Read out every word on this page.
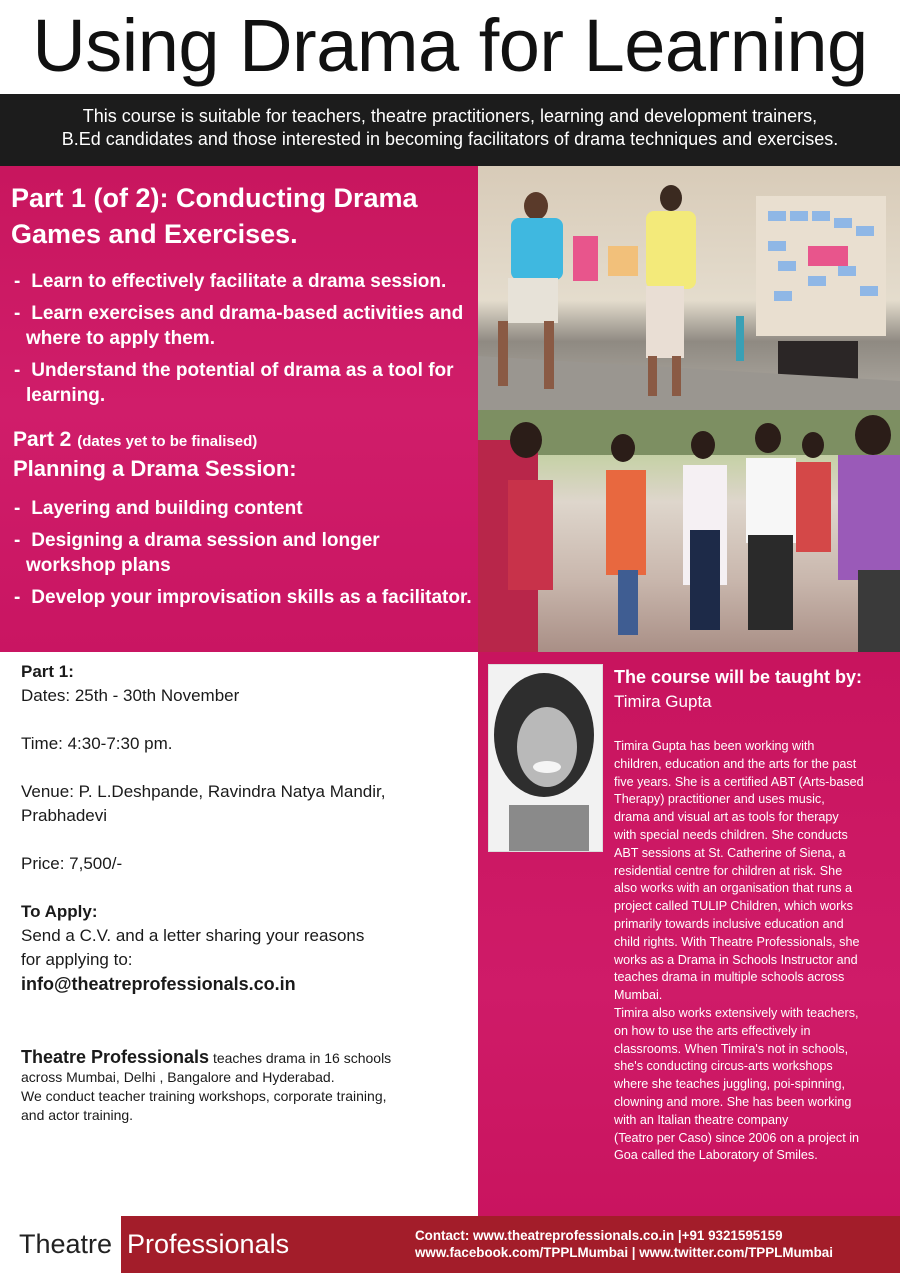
Using Drama for Learning
This course is suitable for teachers, theatre practitioners, learning and development trainers,
B.Ed candidates and those interested in becoming facilitators of drama techniques and exercises.
Part 1 (of 2): Conducting Drama
Games and Exercises.
- Learn to effectively facilitate a drama session.
- Learn exercises and drama-based activities and where to apply them.
- Understand the potential of drama as a tool for learning.
Part 2 (dates yet to be finalised)
Planning a Drama Session:
- Layering and building content
- Designing a drama session and longer workshop plans
- Develop your improvisation skills as a facilitator.
Part 1:
Dates: 25th - 30th November
Time: 4:30-7:30 pm.
Venue: P. L.Deshpande, Ravindra Natya Mandir,
Prabhadevi
Price: 7,500/-
To Apply:
Send a C.V. and a letter sharing your reasons
for applying to:
info@theatreprofessionals.co.in
Theatre Professionals teaches drama in 16 schools
across Mumbai, Delhi , Bangalore and Hyderabad.
We conduct teacher training workshops, corporate training,
and actor training.
The course will be taught by:
Timira Gupta
Timira Gupta has been working with
children, education and the arts for the past
five years. She is a certified ABT (Arts-based
Therapy) practitioner and uses music,
drama and visual art as tools for therapy
with special needs children. She conducts
ABT sessions at St. Catherine of Siena, a
residential centre for children at risk. She
also works with an organisation that runs a
project called TULIP Children, which works
primarily towards inclusive education and
child rights. With Theatre Professionals, she
works as a Drama in Schools Instructor and
teaches drama in multiple schools across
Mumbai.
Timira also works extensively with teachers,
on how to use the arts effectively in
classrooms. When Timira's not in schools,
she's conducting circus-arts workshops
where she teaches juggling, poi-spinning,
clowning and more. She has been working
with an Italian theatre company
(Teatro per Caso) since 2006 on a project in
Goa called the Laboratory of Smiles.
Theatre Professionals	Contact: www.theatreprofessionals.co.in |+91 9321595159
www.facebook.com/TPPLMumbai | www.twitter.com/TPPLMumbai
